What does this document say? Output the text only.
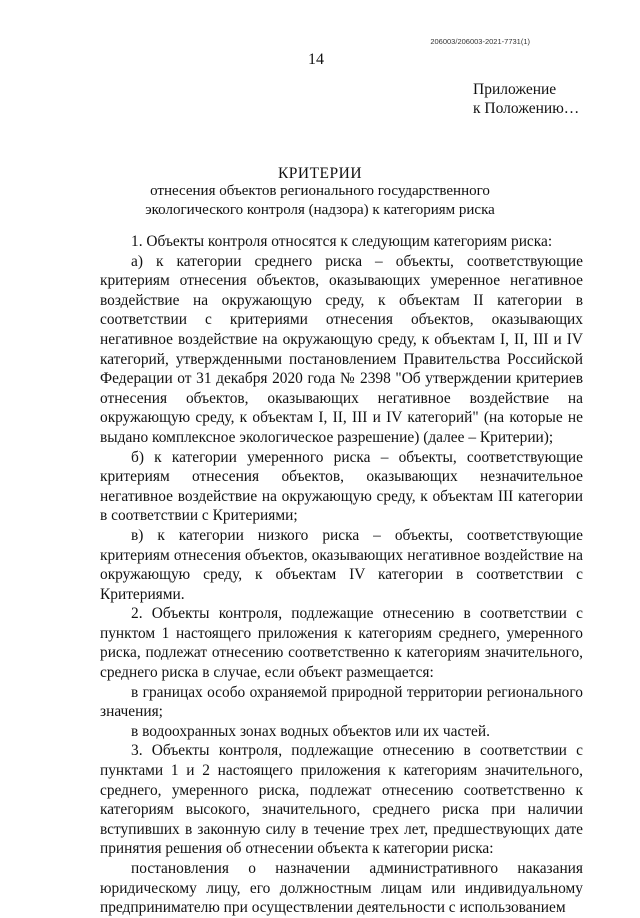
206003/206003-2021-7731(1)
14
Приложение
к Положению…
КРИТЕРИИ
отнесения объектов регионального государственного
экологического контроля (надзора) к категориям риска

1. Объекты контроля относятся к следующим категориям риска:

а) к категории среднего риска – объекты, соответствующие критериям отнесения объектов, оказывающих умеренное негативное воздействие на окружающую среду, к объектам II категории в соответствии с критериями отнесения объектов, оказывающих негативное воздействие на окружающую среду, к объектам I, II, III и IV категорий, утвержденными постановлением Правительства Российской Федерации от 31 декабря 2020 года № 2398 "Об утверждении критериев отнесения объектов, оказывающих негативное воздействие на окружающую среду, к объектам I, II, III и IV категорий" (на которые не выдано комплексное экологическое разрешение) (далее – Критерии);

б) к категории умеренного риска – объекты, соответствующие критериям отнесения объектов, оказывающих незначительное негативное воздействие на окружающую среду, к объектам III категории в соответствии с Критериями;

в) к категории низкого риска – объекты, соответствующие критериям отнесения объектов, оказывающих негативное воздействие на окружающую среду, к объектам IV категории в соответствии с Критериями.

2. Объекты контроля, подлежащие отнесению в соответствии с пунктом 1 настоящего приложения к категориям среднего, умеренного риска, подлежат отнесению соответственно к категориям значительного, среднего риска в случае, если объект размещается:

в границах особо охраняемой природной территории регионального значения;

в водоохранных зонах водных объектов или их частей.

3. Объекты контроля, подлежащие отнесению в соответствии с пунктами 1 и 2 настоящего приложения к категориям значительного, среднего, умеренного риска, подлежат отнесению соответственно к категориям высокого, значительного, среднего риска при наличии вступивших в законную силу в течение трех лет, предшествующих дате принятия решения об отнесении объекта к категории риска:

постановления о назначении административного наказания юридическому лицу, его должностным лицам или индивидуальному предпринимателю при осуществлении деятельности с использованием
